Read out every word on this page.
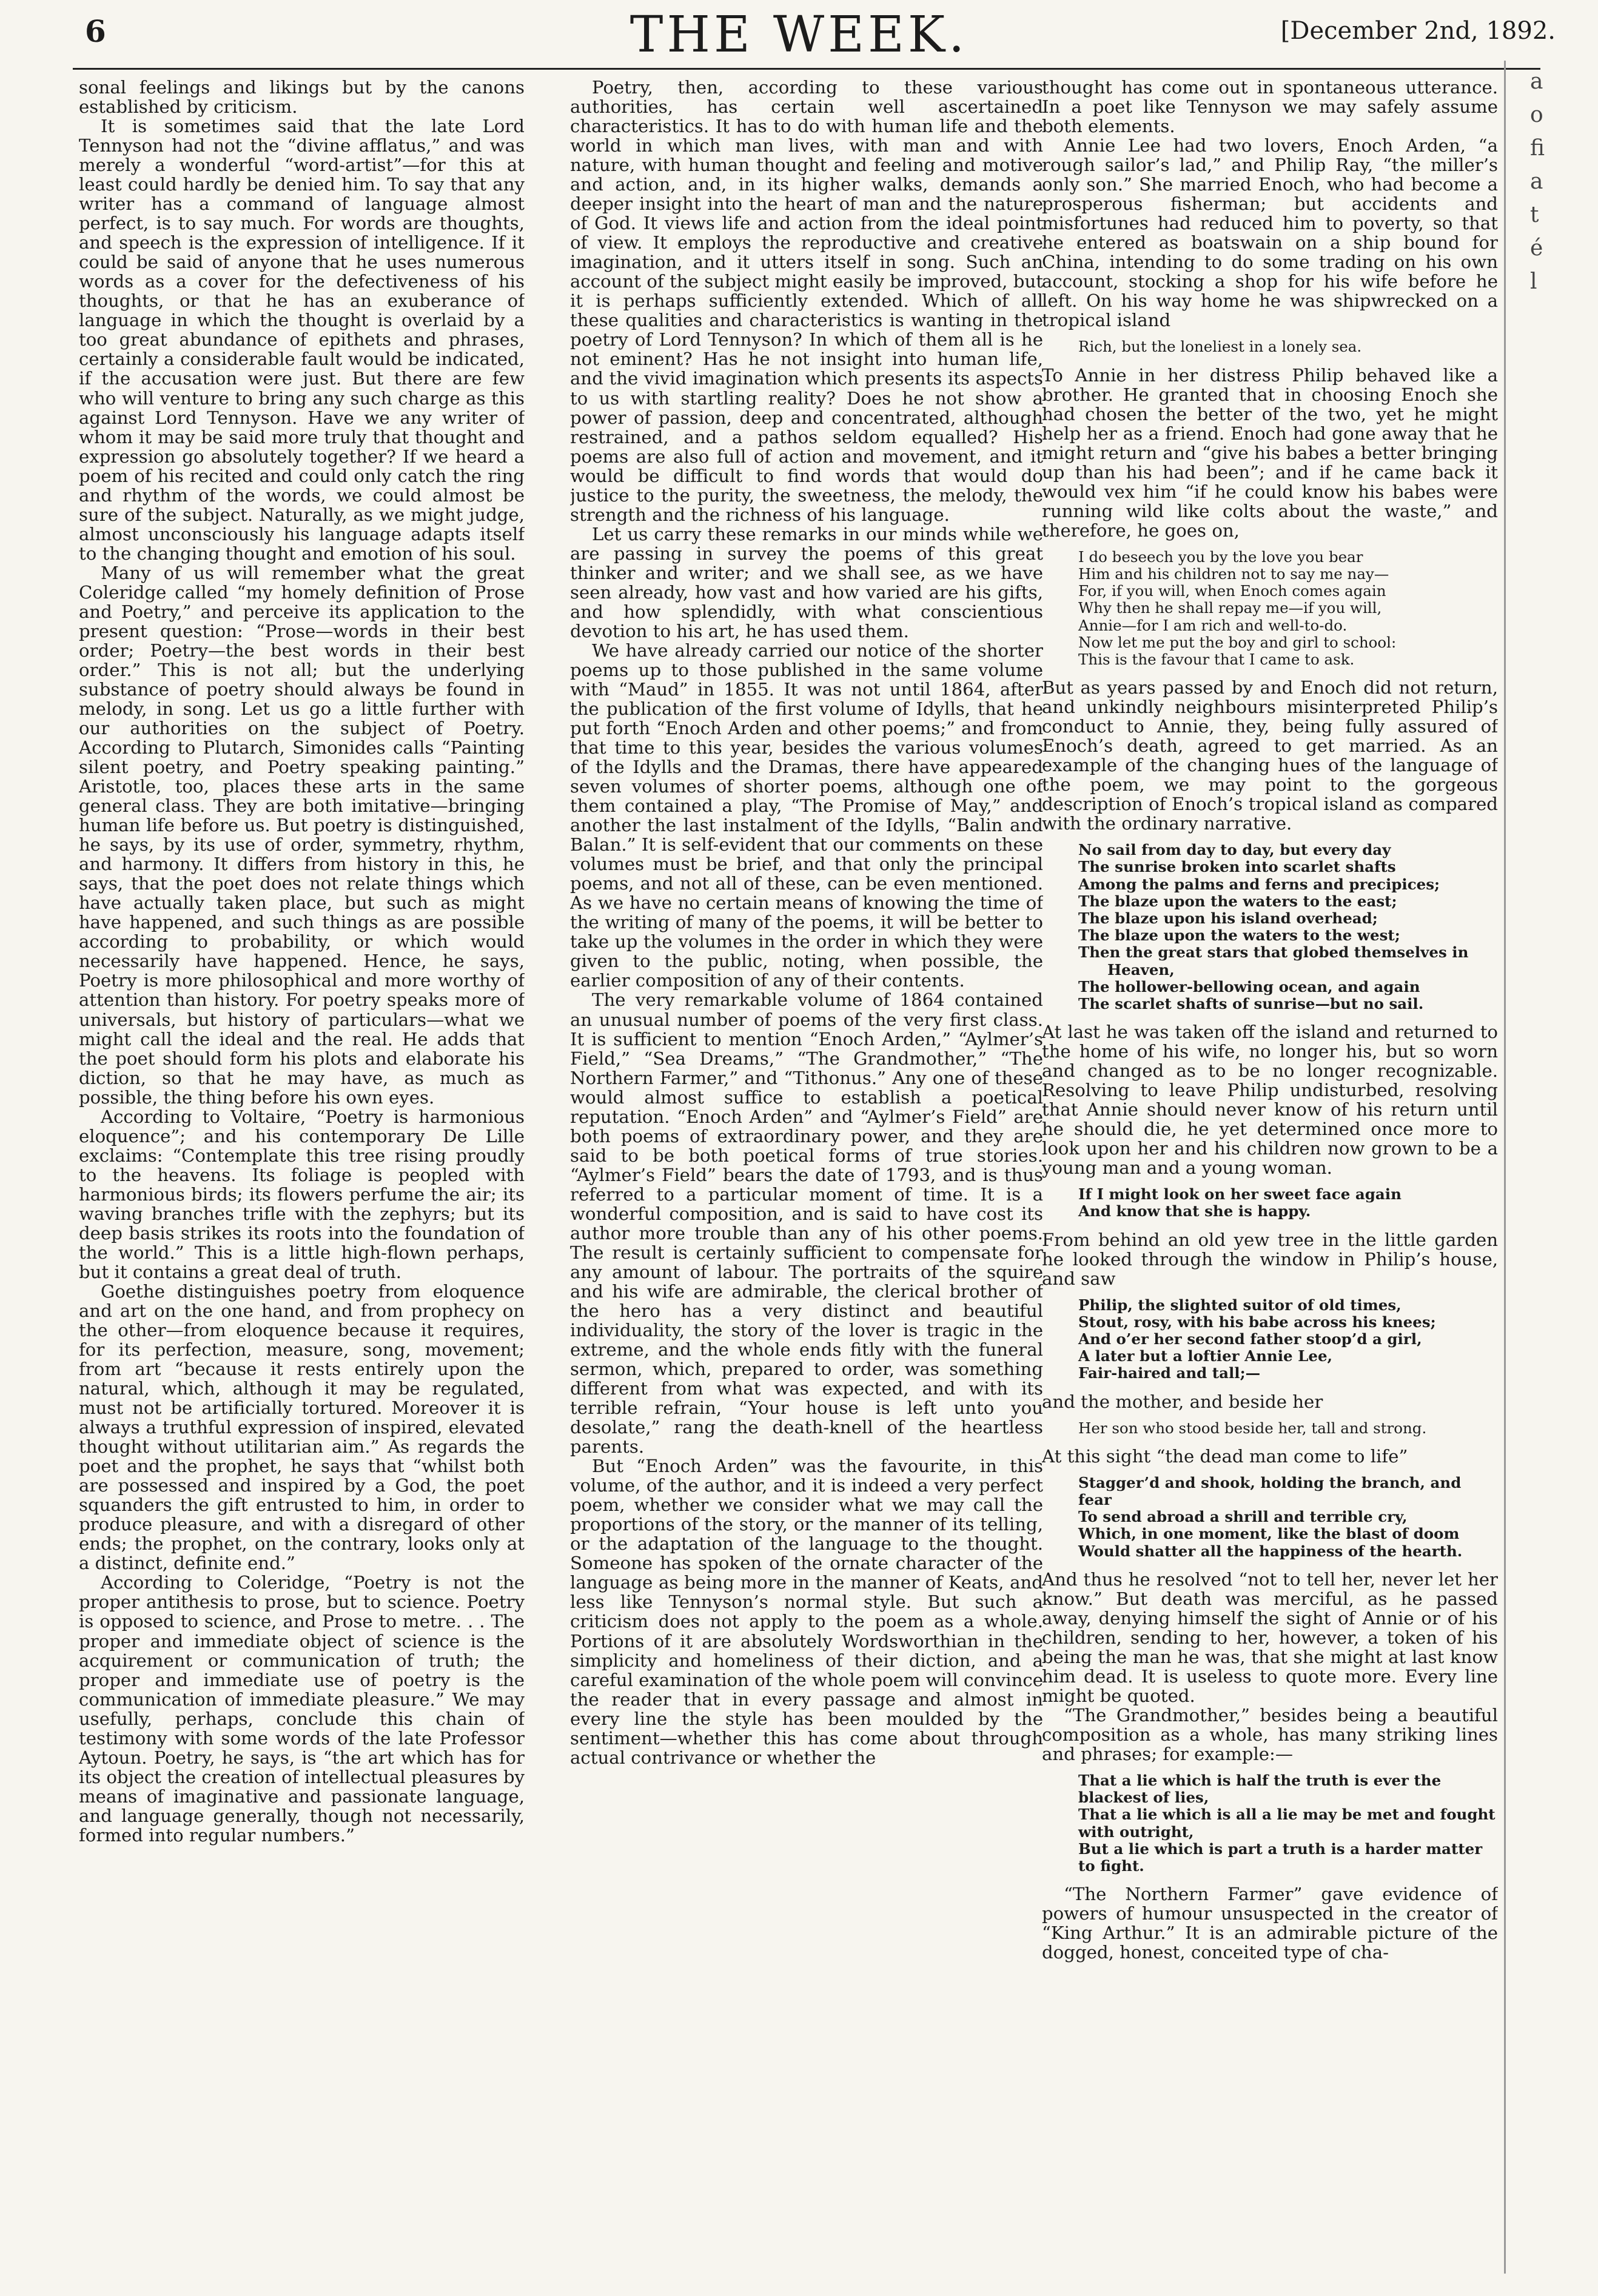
6	THE WEEK.	[December 2nd, 1892.

sonal feelings and likings but by the canons established by criticism.

It is sometimes said that the late Lord Tennyson had not the “divine afflatus,” and was merely a wonderful “word-artist”—for this at least could hardly be denied him. To say that any writer has a command of language almost perfect, is to say much. For words are thoughts, and speech is the expression of intelligence. If it could be said of anyone that he uses numerous words as a cover for the defectiveness of his thoughts, or that he has an exuberance of language in which the thought is overlaid by a too great abundance of epithets and phrases, certainly a considerable fault would be indicated, if the accusation were just. But there are few who will venture to bring any such charge as this against Lord Tennyson. Have we any writer of whom it may be said more truly that thought and expression go absolutely together? If we heard a poem of his recited and could only catch the ring and rhythm of the words, we could almost be sure of the subject. Naturally, as we might judge, almost unconsciously his language adapts itself to the changing thought and emotion of his soul.

Many of us will remember what the great Coleridge called “my homely definition of Prose and Poetry,” and perceive its application to the present question: “Prose—words in their best order; Poetry—the best words in their best order.” This is not all; but the underlying substance of poetry should always be found in melody, in song. Let us go a little further with our authorities on the subject of Poetry. According to Plutarch, Simonides calls “Painting silent poetry, and Poetry speaking painting.” Aristotle, too, places these arts in the same general class. They are both imitative—bringing human life before us. But poetry is distinguished, he says, by its use of order, symmetry, rhythm, and harmony. It differs from history in this, he says, that the poet does not relate things which have actually taken place, but such as might have happened, and such things as are possible according to probability, or which would necessarily have happened. Hence, he says, Poetry is more philosophical and more worthy of attention than history. For poetry speaks more of universals, but history of particulars—what we might call the ideal and the real. He adds that the poet should form his plots and elaborate his diction, so that he may have, as much as possible, the thing before his own eyes.

According to Voltaire, “Poetry is harmonious eloquence”; and his contemporary De Lille exclaims: “Contemplate this tree rising proudly to the heavens. Its foliage is peopled with harmonious birds; its flowers perfume the air; its waving branches trifle with the zephyrs; but its deep basis strikes its roots into the foundation of the world.” This is a little high-flown perhaps, but it contains a great deal of truth.

Goethe distinguishes poetry from eloquence and art on the one hand, and from prophecy on the other—from eloquence because it requires, for its perfection, measure, song, movement; from art “because it rests entirely upon the natural, which, although it may be regulated, must not be artificially tortured. Moreover it is always a truthful expression of inspired, elevated thought without utilitarian aim.” As regards the poet and the prophet, he says that “whilst both are possessed and inspired by a God, the poet squanders the gift entrusted to him, in order to produce pleasure, and with a disregard of other ends; the prophet, on the contrary, looks only at a distinct, definite end.”

According to Coleridge, “Poetry is not the proper antithesis to prose, but to science. Poetry is opposed to science, and Prose to metre. . . The proper and immediate object of science is the acquirement or communication of truth; the proper and immediate use of poetry is the communication of immediate pleasure.” We may usefully, perhaps, conclude this chain of testimony with some words of the late Professor Aytoun. Poetry, he says, is “the art which has for its object the creation of intellectual pleasures by means of imaginative and passionate language, and language generally, though not necessarily, formed into regular numbers.”

Poetry, then, according to these various authorities, has certain well ascertained characteristics. It has to do with human life and the world in which man lives, with man and with nature, with human thought and feeling and motive and action, and, in its higher walks, demands a deeper insight into the heart of man and the nature of God. It views life and action from the ideal point of view. It employs the reproductive and creative imagination, and it utters itself in song. Such an account of the subject might easily be improved, but it is perhaps sufficiently extended. Which of all these qualities and characteristics is wanting in the poetry of Lord Tennyson? In which of them all is he not eminent? Has he not insight into human life, and the vivid imagination which presents its aspects to us with startling reality? Does he not show a power of passion, deep and concentrated, although restrained, and a pathos seldom equalled? His poems are also full of action and movement, and it would be difficult to find words that would do justice to the purity, the sweetness, the melody, the strength and the richness of his language.

Let us carry these remarks in our minds while we are passing in survey the poems of this great thinker and writer; and we shall see, as we have seen already, how vast and how varied are his gifts, and how splendidly, with what conscientious devotion to his art, he has used them.

We have already carried our notice of the shorter poems up to those published in the same volume with “Maud” in 1855. It was not until 1864, after the publication of the first volume of Idylls, that he put forth “Enoch Arden and other poems;” and from that time to this year, besides the various volumes of the Idylls and the Dramas, there have appeared seven volumes of shorter poems, although one of them contained a play, “The Promise of May,” and another the last instalment of the Idylls, “Balin and Balan.” It is self-evident that our comments on these volumes must be brief, and that only the principal poems, and not all of these, can be even mentioned. As we have no certain means of knowing the time of the writing of many of the poems, it will be better to take up the volumes in the order in which they were given to the public, noting, when possible, the earlier composition of any of their contents.

The very remarkable volume of 1864 contained an unusual number of poems of the very first class. It is sufficient to mention “Enoch Arden,” “Aylmer’s Field,” “Sea Dreams,” “The Grandmother,” “The Northern Farmer,” and “Tithonus.” Any one of these would almost suffice to establish a poetical reputation. “Enoch Arden” and “Aylmer’s Field” are both poems of extraordinary power, and they are said to be both poetical forms of true stories. “Aylmer’s Field” bears the date of 1793, and is thus referred to a particular moment of time. It is a wonderful composition, and is said to have cost its author more trouble than any of his other poems. The result is certainly sufficient to compensate for any amount of labour. The portraits of the squire and his wife are admirable, the clerical brother of the hero has a very distinct and beautiful individuality, the story of the lover is tragic in the extreme, and the whole ends fitly with the funeral sermon, which, prepared to order, was something different from what was expected, and with its terrible refrain, “Your house is left unto you desolate,” rang the death-knell of the heartless parents.

But “Enoch Arden” was the favourite, in this volume, of the author, and it is indeed a very perfect poem, whether we consider what we may call the proportions of the story, or the manner of its telling, or the adaptation of the language to the thought. Someone has spoken of the ornate character of the language as being more in the manner of Keats, and less like Tennyson’s normal style. But such a criticism does not apply to the poem as a whole. Portions of it are absolutely Wordsworthian in the simplicity and homeliness of their diction, and a careful examination of the whole poem will convince the reader that in every passage and almost in every line the style has been moulded by the sentiment—whether this has come about through actual contrivance or whether the

thought has come out in spontaneous utterance. In a poet like Tennyson we may safely assume both elements.

Annie Lee had two lovers, Enoch Arden, “a rough sailor’s lad,” and Philip Ray, “the miller’s only son.” She married Enoch, who had become a prosperous fisherman; but accidents and misfortunes had reduced him to poverty, so that he entered as boatswain on a ship bound for China, intending to do some trading on his own account, stocking a shop for his wife before he left. On his way home he was shipwrecked on a tropical island

Rich, but the loneliest in a lonely sea.

To Annie in her distress Philip behaved like a brother. He granted that in choosing Enoch she had chosen the better of the two, yet he might help her as a friend. Enoch had gone away that he might return and “give his babes a better bringing up than his had been”; and if he came back it would vex him “if he could know his babes were running wild like colts about the waste,” and therefore, he goes on,

I do beseech you by the love you bear
Him and his children not to say me nay—
For, if you will, when Enoch comes again
Why then he shall repay me—if you will,
Annie—for I am rich and well-to-do.
Now let me put the boy and girl to school:
This is the favour that I came to ask.

But as years passed by and Enoch did not return, and unkindly neighbours misinterpreted Philip’s conduct to Annie, they, being fully assured of Enoch’s death, agreed to get married. As an example of the changing hues of the language of the poem, we may point to the gorgeous description of Enoch’s tropical island as compared with the ordinary narrative.

No sail from day to day, but every day
The sunrise broken into scarlet shafts
Among the palms and ferns and precipices;
The blaze upon the waters to the east;
The blaze upon his island overhead;
The blaze upon the waters to the west;
Then the great stars that globed themselves in
Heaven,
The hollower-bellowing ocean, and again
The scarlet shafts of sunrise—but no sail.

At last he was taken off the island and returned to the home of his wife, no longer his, but so worn and changed as to be no longer recognizable. Resolving to leave Philip undisturbed, resolving that Annie should never know of his return until he should die, he yet determined once more to look upon her and his children now grown to be a young man and a young woman.

If I might look on her sweet face again
And know that she is happy.

From behind an old yew tree in the little garden he looked through the window in Philip’s house, and saw

Philip, the slighted suitor of old times,
Stout, rosy, with his babe across his knees;
And o’er her second father stoop’d a girl,
A later but a loftier Annie Lee,
Fair-haired and tall;—

and the mother, and beside her

Her son who stood beside her, tall and strong.

At this sight “the dead man come to life”

Stagger’d and shook, holding the branch, and fear
To send abroad a shrill and terrible cry,
Which, in one moment, like the blast of doom
Would shatter all the happiness of the hearth.

And thus he resolved “not to tell her, never let her know.” But death was merciful, as he passed away, denying himself the sight of Annie or of his children, sending to her, however, a token of his being the man he was, that she might at last know him dead. It is useless to quote more. Every line might be quoted.

“The Grandmother,” besides being a beautiful composition as a whole, has many striking lines and phrases; for example:—

That a lie which is half the truth is ever the blackest of lies,
That a lie which is all a lie may be met and fought with outright,
But a lie which is part a truth is a harder matter to fight.

“The Northern Farmer” gave evidence of powers of humour unsuspected in the creator of “King Arthur.” It is an admirable picture of the dogged, honest, conceited type of cha-

a
o
fi
a
t
é
l
